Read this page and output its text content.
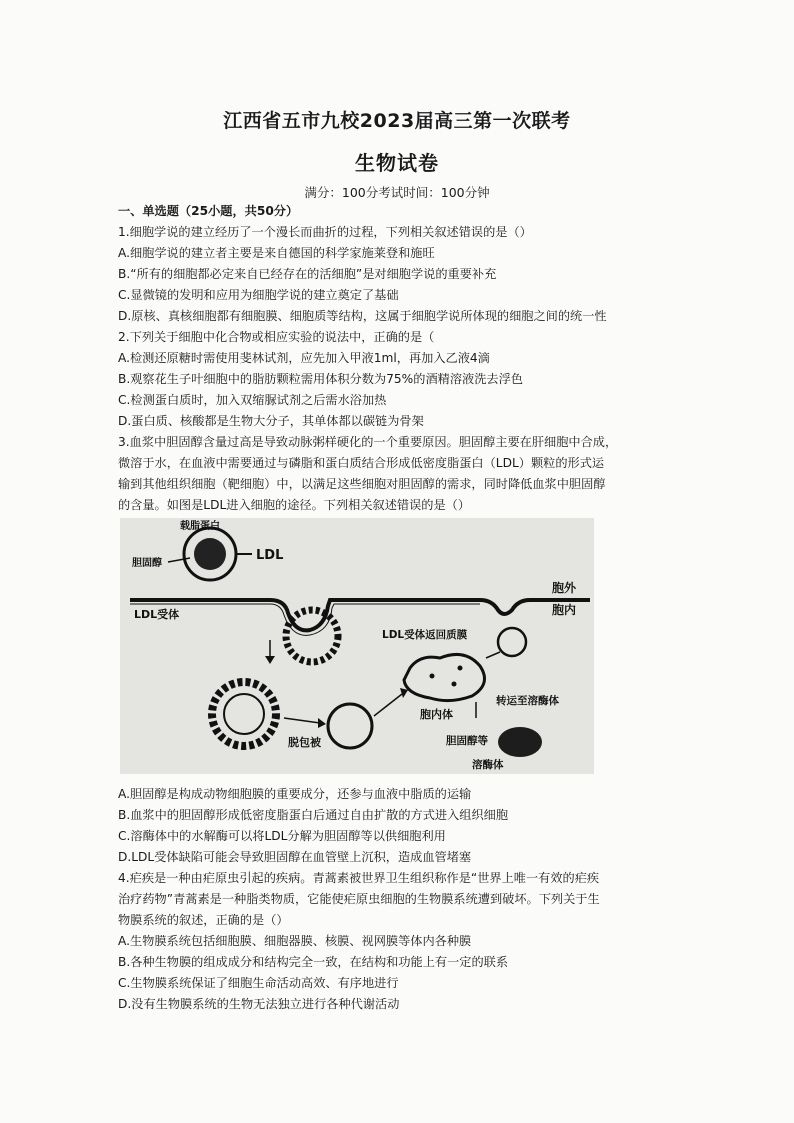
江西省五市九校2023届高三第一次联考
生物试卷
满分：100分考试时间：100分钟
一、单选题（25小题，共50分）
1.细胞学说的建立经历了一个漫长而曲折的过程，下列相关叙述错误的是（）
A.细胞学说的建立者主要是来自德国的科学家施莱登和施旺
B.“所有的细胞都必定来自已经存在的活细胞”是对细胞学说的重要补充
C.显微镜的发明和应用为细胞学说的建立奠定了基础
D.原核、真核细胞都有细胞膜、细胞质等结构，这属于细胞学说所体现的细胞之间的统一性
2.下列关于细胞中化合物或相应实验的说法中，正确的是（
A.检测还原糖时需使用斐林试剂，应先加入甲液1ml，再加入乙液4滴
B.观察花生子叶细胞中的脂肪颗粒需用体积分数为75%的酒精溶液洗去浮色
C.检测蛋白质时，加入双缩脲试剂之后需水浴加热
D.蛋白质、核酸都是生物大分子，其单体都以碳链为骨架
3.血浆中胆固醇含量过高是导致动脉粥样硬化的一个重要原因。胆固醇主要在肝细胞中合成，
微溶于水，在血液中需要通过与磷脂和蛋白质结合形成低密度脂蛋白（LDL）颗粒的形式运
输到其他组织细胞（靶细胞）中，以满足这些细胞对胆固醇的需求，同时降低血浆中胆固醇
的含量。如图是LDL进入细胞的途径。下列相关叙述错误的是（）
LDL
载脂蛋白
胆固醇
胞外
胞内
LDL受体
脱包被
胞内体
LDL受体返回质膜
转运至溶酶体
胆固醇等
溶酶体
A.胆固醇是构成动物细胞膜的重要成分，还参与血液中脂质的运输
B.血浆中的胆固醇形成低密度脂蛋白后通过自由扩散的方式进入组织细胞
C.溶酶体中的水解酶可以将LDL分解为胆固醇等以供细胞利用
D.LDL受体缺陷可能会导致胆固醇在血管壁上沉积，造成血管堵塞
4.疟疾是一种由疟原虫引起的疾病。青蒿素被世界卫生组织称作是“世界上唯一有效的疟疾
治疗药物”青蒿素是一种脂类物质，它能使疟原虫细胞的生物膜系统遭到破坏。下列关于生
物膜系统的叙述，正确的是（）
A.生物膜系统包括细胞膜、细胞器膜、核膜、视网膜等体内各种膜
B.各种生物膜的组成成分和结构完全一致，在结构和功能上有一定的联系
C.生物膜系统保证了细胞生命活动高效、有序地进行
D.没有生物膜系统的生物无法独立进行各种代谢活动
